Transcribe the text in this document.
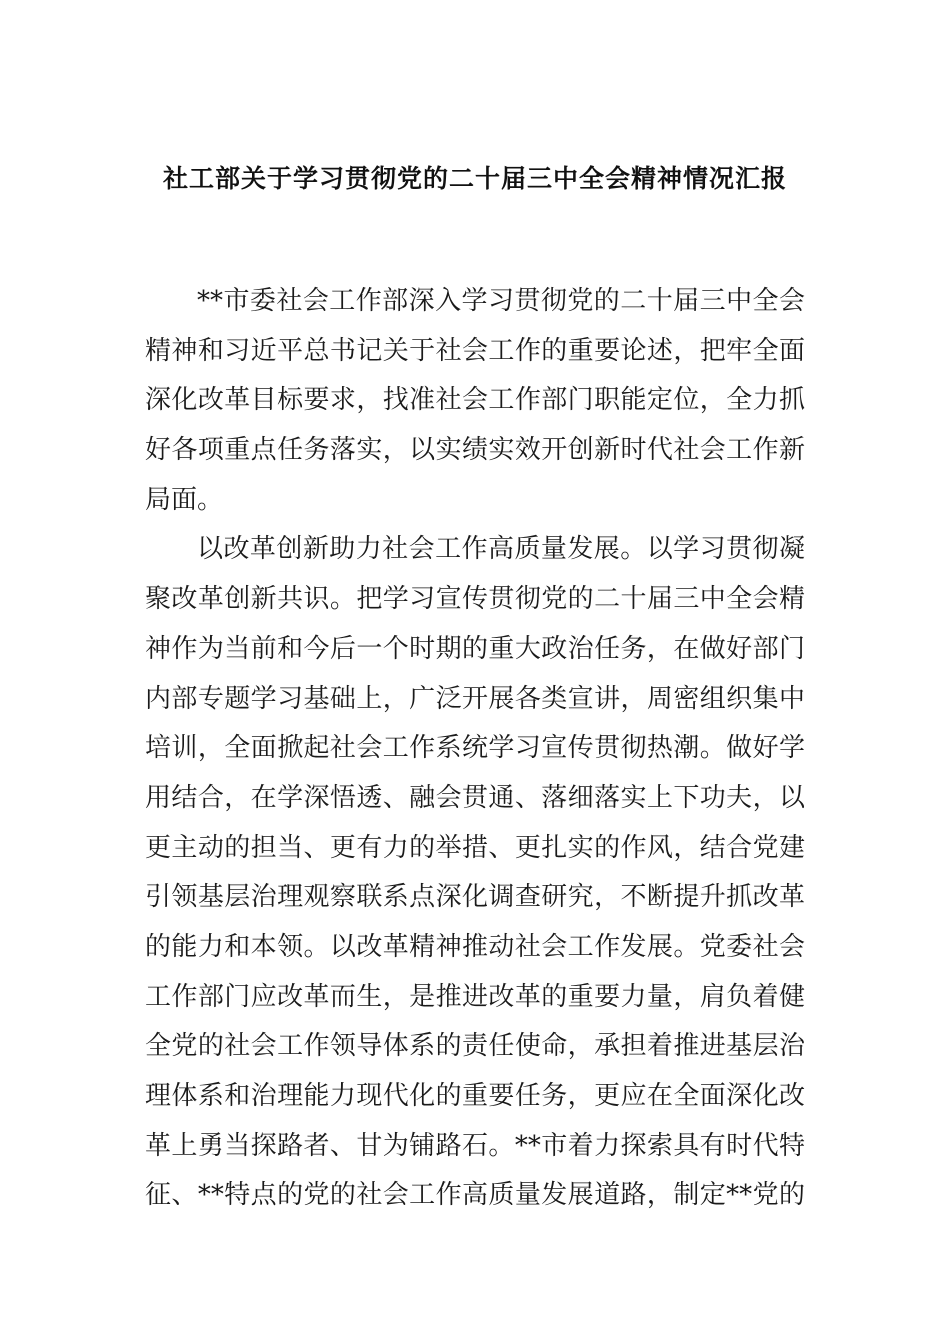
社工部关于学习贯彻党的二十届三中全会精神情况汇报
**市委社会工作部深入学习贯彻党的二十届三中全会
精神和习近平总书记关于社会工作的重要论述，把牢全面
深化改革目标要求，找准社会工作部门职能定位，全力抓
好各项重点任务落实，以实绩实效开创新时代社会工作新
局面。
以改革创新助力社会工作高质量发展。以学习贯彻凝
聚改革创新共识。把学习宣传贯彻党的二十届三中全会精
神作为当前和今后一个时期的重大政治任务，在做好部门
内部专题学习基础上，广泛开展各类宣讲，周密组织集中
培训，全面掀起社会工作系统学习宣传贯彻热潮。做好学
用结合，在学深悟透、融会贯通、落细落实上下功夫，以
更主动的担当、更有力的举措、更扎实的作风，结合党建
引领基层治理观察联系点深化调查研究，不断提升抓改革
的能力和本领。以改革精神推动社会工作发展。党委社会
工作部门应改革而生，是推进改革的重要力量，肩负着健
全党的社会工作领导体系的责任使命，承担着推进基层治
理体系和治理能力现代化的重要任务，更应在全面深化改
革上勇当探路者、甘为铺路石。**市着力探索具有时代特
征、**特点的党的社会工作高质量发展道路，制定**党的
